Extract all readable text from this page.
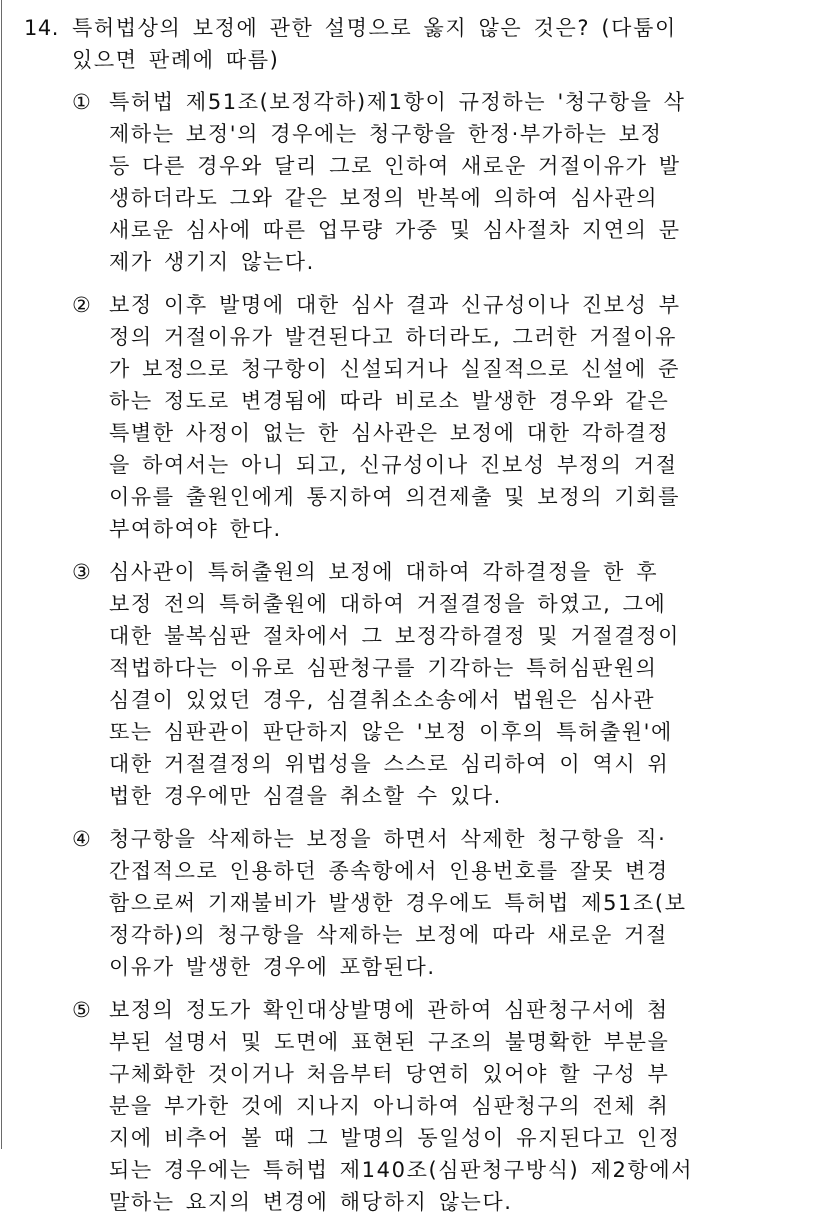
14. 특허법상의 보정에 관한 설명으로 옳지 않은 것은? (다툼이
있으면 판례에 따름)
① 특허법 제51조(보정각하)제1항이 규정하는 '청구항을 삭
제하는 보정'의 경우에는 청구항을 한정·부가하는 보정
등 다른 경우와 달리 그로 인하여 새로운 거절이유가 발
생하더라도 그와 같은 보정의 반복에 의하여 심사관의
새로운 심사에 따른 업무량 가중 및 심사절차 지연의 문
제가 생기지 않는다.
② 보정 이후 발명에 대한 심사 결과 신규성이나 진보성 부
정의 거절이유가 발견된다고 하더라도, 그러한 거절이유
가 보정으로 청구항이 신설되거나 실질적으로 신설에 준
하는 정도로 변경됨에 따라 비로소 발생한 경우와 같은
특별한 사정이 없는 한 심사관은 보정에 대한 각하결정
을 하여서는 아니 되고, 신규성이나 진보성 부정의 거절
이유를 출원인에게 통지하여 의견제출 및 보정의 기회를
부여하여야 한다.
③ 심사관이 특허출원의 보정에 대하여 각하결정을 한 후
보정 전의 특허출원에 대하여 거절결정을 하였고, 그에
대한 불복심판 절차에서 그 보정각하결정 및 거절결정이
적법하다는 이유로 심판청구를 기각하는 특허심판원의
심결이 있었던 경우, 심결취소소송에서 법원은 심사관
또는 심판관이 판단하지 않은 '보정 이후의 특허출원'에
대한 거절결정의 위법성을 스스로 심리하여 이 역시 위
법한 경우에만 심결을 취소할 수 있다.
④ 청구항을 삭제하는 보정을 하면서 삭제한 청구항을 직·
간접적으로 인용하던 종속항에서 인용번호를 잘못 변경
함으로써 기재불비가 발생한 경우에도 특허법 제51조(보
정각하)의 청구항을 삭제하는 보정에 따라 새로운 거절
이유가 발생한 경우에 포함된다.
⑤ 보정의 정도가 확인대상발명에 관하여 심판청구서에 첨
부된 설명서 및 도면에 표현된 구조의 불명확한 부분을
구체화한 것이거나 처음부터 당연히 있어야 할 구성 부
분을 부가한 것에 지나지 아니하여 심판청구의 전체 취
지에 비추어 볼 때 그 발명의 동일성이 유지된다고 인정
되는 경우에는 특허법 제140조(심판청구방식) 제2항에서
말하는 요지의 변경에 해당하지 않는다.
